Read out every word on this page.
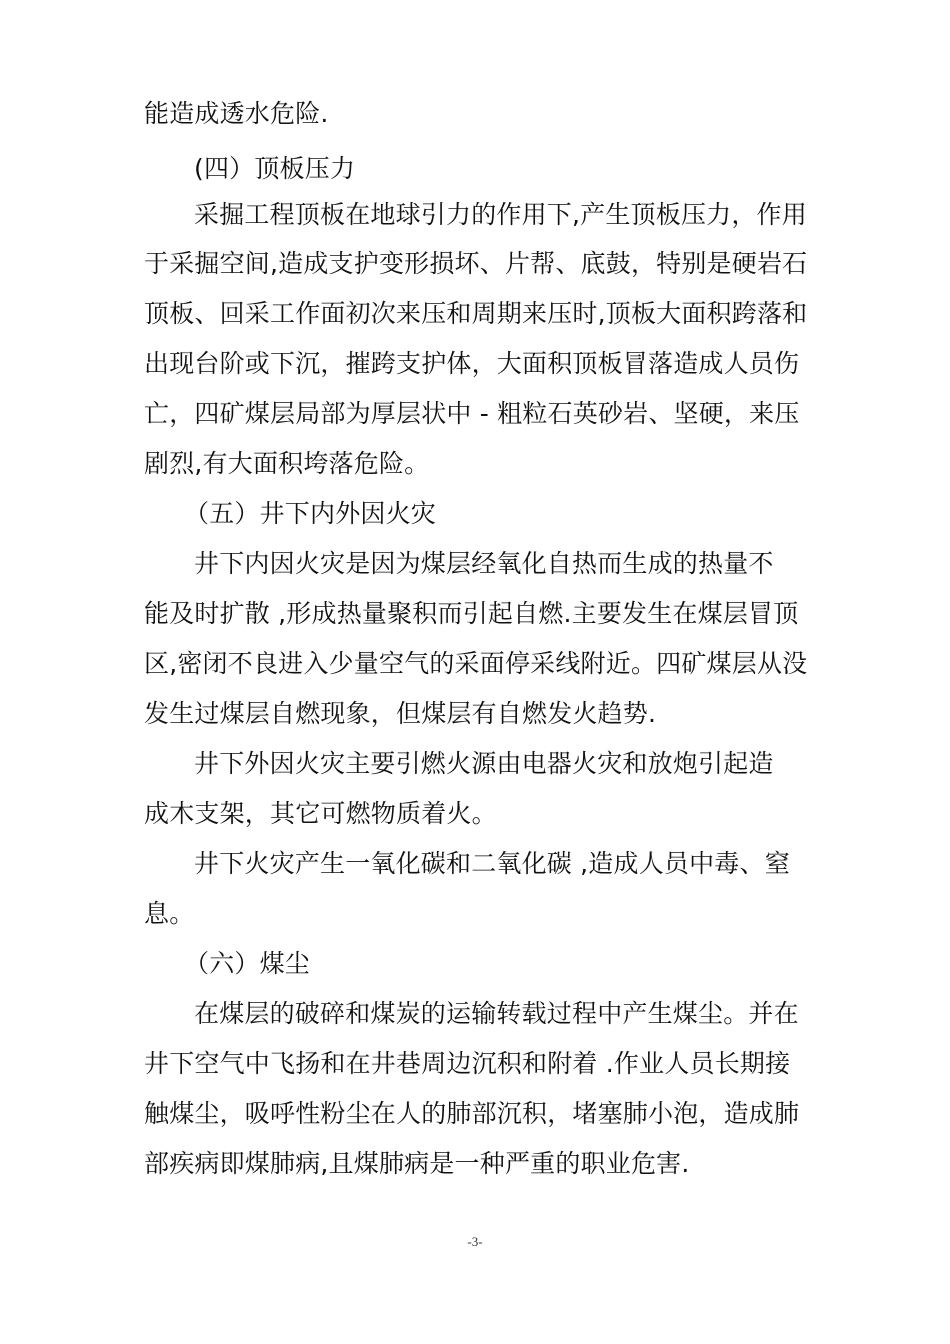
能造成透水危险.
(四）顶板压力
采掘工程顶板在地球引力的作用下,产生顶板压力，作用
于采掘空间,造成支护变形损坏、片帮、底鼓，特别是硬岩石
顶板、回采工作面初次来压和周期来压时,顶板大面积跨落和
出现台阶或下沉，摧跨支护体，大面积顶板冒落造成人员伤
亡，四矿煤层局部为厚层状中 - 粗粒石英砂岩、坚硬，来压
剧烈,有大面积垮落危险。
（五）井下内外因火灾
井下内因火灾是因为煤层经氧化自热而生成的热量不
能及时扩散 ,形成热量聚积而引起自燃.主要发生在煤层冒顶
区,密闭不良进入少量空气的采面停采线附近。四矿煤层从没
发生过煤层自燃现象，但煤层有自燃发火趋势.
井下外因火灾主要引燃火源由电器火灾和放炮引起造
成木支架，其它可燃物质着火。
井下火灾产生一氧化碳和二氧化碳 ,造成人员中毒、窒
息。
（六）煤尘
在煤层的破碎和煤炭的运输转载过程中产生煤尘。并在
井下空气中飞扬和在井巷周边沉积和附着 .作业人员长期接
触煤尘，吸呼性粉尘在人的肺部沉积，堵塞肺小泡，造成肺
部疾病即煤肺病,且煤肺病是一种严重的职业危害.
-3-
